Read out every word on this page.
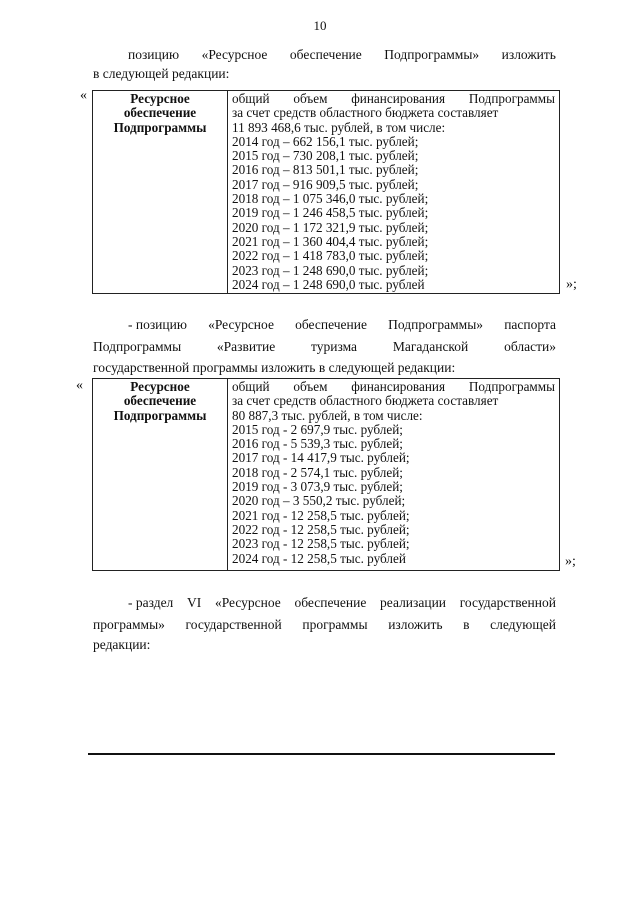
10
позицию «Ресурсное обеспечение Подпрограммы» изложить
в следующей редакции:
«	Ресурсное
обеспечение
Подпрограммы

общий объем финансирования Подпрограммы
за счет средств областного бюджета составляет
11 893 468,6 тыс. рублей, в том числе:
2014 год – 662 156,1 тыс. рублей;
2015 год – 730 208,1 тыс. рублей;
2016 год – 813 501,1 тыс. рублей;
2017 год – 916 909,5 тыс. рублей;
2018 год – 1 075 346,0 тыс. рублей;
2019 год – 1 246 458,5 тыс. рублей;
2020 год – 1 172 321,9 тыс. рублей;
2021 год – 1 360 404,4 тыс. рублей;
2022 год – 1 418 783,0 тыс. рублей;
2023 год – 1 248 690,0 тыс. рублей;
2024 год – 1 248 690,0 тыс. рублей	»;
- позицию «Ресурсное обеспечение Подпрограммы» паспорта
Подпрограммы	«Развитие	туризма	Магаданской	области»
государственной программы изложить в следующей редакции:
«	Ресурсное
обеспечение
Подпрограммы

общий объем финансирования Подпрограммы
за счет средств областного бюджета составляет
80 887,3 тыс. рублей, в том числе:
2015 год - 2 697,9 тыс. рублей;
2016 год - 5 539,3 тыс. рублей;
2017 год - 14 417,9 тыс. рублей;
2018 год - 2 574,1 тыс. рублей;
2019 год - 3 073,9 тыс. рублей;
2020 год – 3 550,2 тыс. рублей;
2021 год - 12 258,5 тыс. рублей;
2022 год - 12 258,5 тыс. рублей;
2023 год - 12 258,5 тыс. рублей;
2024 год - 12 258,5 тыс. рублей	»;
- раздел VI «Ресурсное обеспечение реализации государственной
программы» государственной программы изложить в следующей
редакции:
